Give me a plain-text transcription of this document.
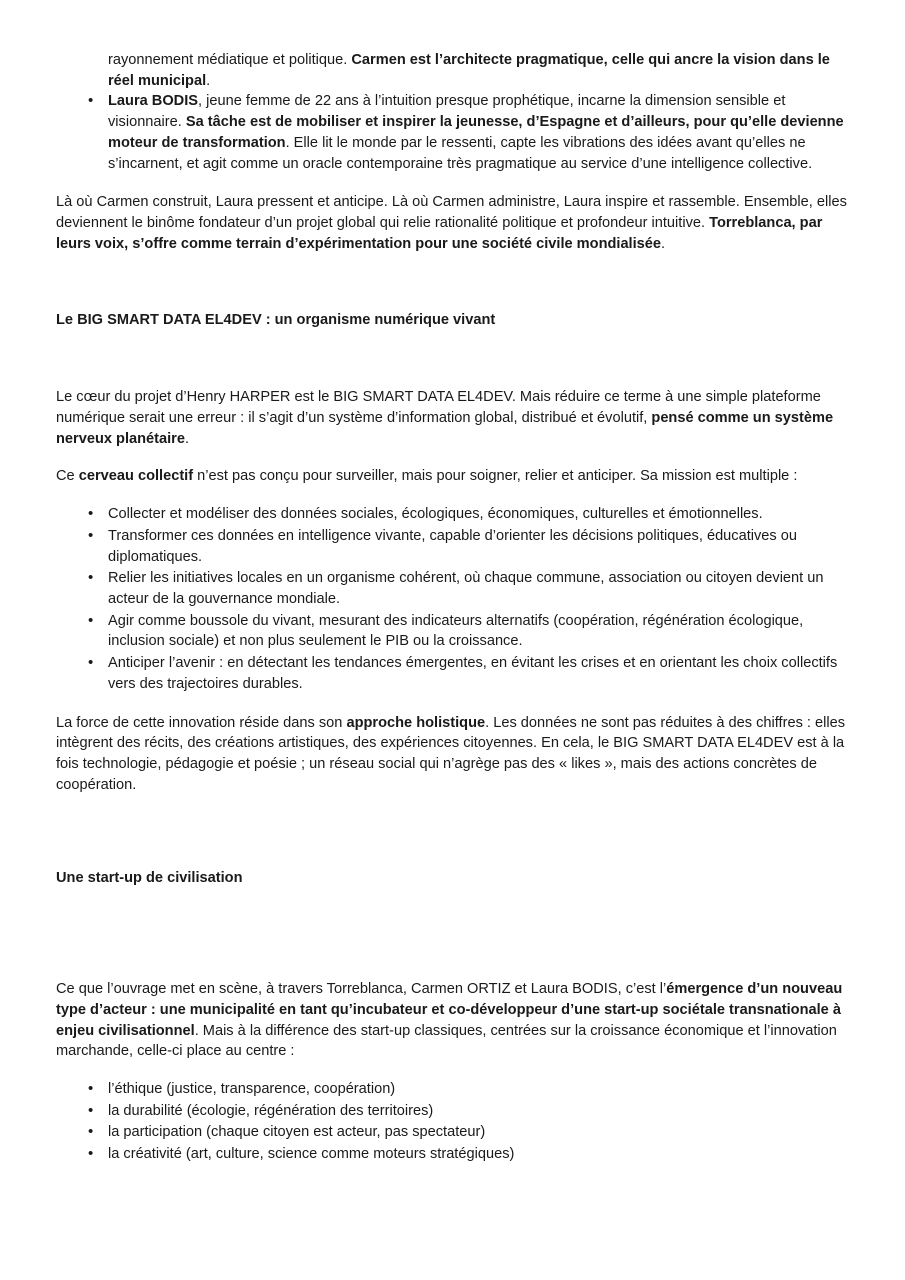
rayonnement médiatique et politique. Carmen est l’architecte pragmatique, celle qui ancre la vision dans le réel municipal.

• Laura BODIS, jeune femme de 22 ans à l’intuition presque prophétique, incarne la dimension sensible et visionnaire. Sa tâche est de mobiliser et inspirer la jeunesse, d’Espagne et d’ailleurs, pour qu’elle devienne moteur de transformation. Elle lit le monde par le ressenti, capte les vibrations des idées avant qu’elles ne s’incarnent, et agit comme un oracle contemporaine très pragmatique au service d’une intelligence collective.

Là où Carmen construit, Laura pressent et anticipe. Là où Carmen administre, Laura inspire et rassemble. Ensemble, elles deviennent le binôme fondateur d’un projet global qui relie rationalité politique et profondeur intuitive. Torreblanca, par leurs voix, s’offre comme terrain d’expérimentation pour une société civile mondialisée.

Le BIG SMART DATA EL4DEV : un organisme numérique vivant

Le cœur du projet d’Henry HARPER est le BIG SMART DATA EL4DEV. Mais réduire ce terme à une simple plateforme numérique serait une erreur : il s’agit d’un système d’information global, distribué et évolutif, pensé comme un système nerveux planétaire.

Ce cerveau collectif n’est pas conçu pour surveiller, mais pour soigner, relier et anticiper. Sa mission est multiple :

• Collecter et modéliser des données sociales, écologiques, économiques, culturelles et émotionnelles.
• Transformer ces données en intelligence vivante, capable d’orienter les décisions politiques, éducatives ou diplomatiques.
• Relier les initiatives locales en un organisme cohérent, où chaque commune, association ou citoyen devient un acteur de la gouvernance mondiale.
• Agir comme boussole du vivant, mesurant des indicateurs alternatifs (coopération, régénération écologique, inclusion sociale) et non plus seulement le PIB ou la croissance.
• Anticiper l’avenir : en détectant les tendances émergentes, en évitant les crises et en orientant les choix collectifs vers des trajectoires durables.

La force de cette innovation réside dans son approche holistique. Les données ne sont pas réduites à des chiffres : elles intègrent des récits, des créations artistiques, des expériences citoyennes. En cela, le BIG SMART DATA EL4DEV est à la fois technologie, pédagogie et poésie ; un réseau social qui n’agrège pas des « likes », mais des actions concrètes de coopération.

Une start-up de civilisation

Ce que l’ouvrage met en scène, à travers Torreblanca, Carmen ORTIZ et Laura BODIS, c’est l’émergence d’un nouveau type d’acteur : une municipalité en tant qu’incubateur et co-développeur d’une start-up sociétale transnationale à enjeu civilisationnel. Mais à la différence des start-up classiques, centrées sur la croissance économique et l’innovation marchande, celle-ci place au centre :

• l’éthique (justice, transparence, coopération)
• la durabilité (écologie, régénération des territoires)
• la participation (chaque citoyen est acteur, pas spectateur)
• la créativité (art, culture, science comme moteurs stratégiques)
